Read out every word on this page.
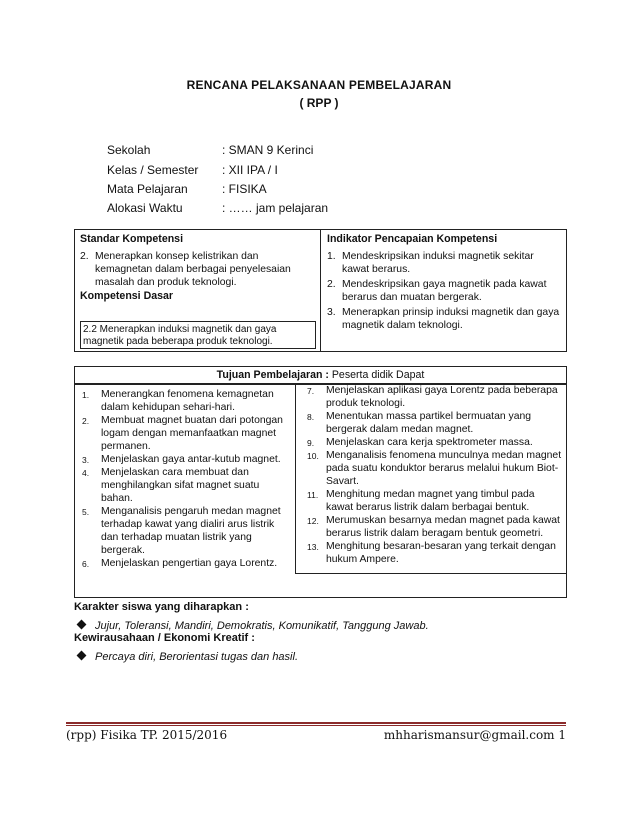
RENCANA PELAKSANAAN PEMBELAJARAN
( RPP )
Sekolah	: SMAN 9 Kerinci
Kelas / Semester : XII IPA / I
Mata Pelajaran	: FISIKA
Alokasi Waktu	: …… jam pelajaran
Standar Kompetensi
2. Menerapkan konsep kelistrikan dan kemagnetan dalam berbagai penyelesaian masalah dan produk teknologi.
Kompetensi Dasar
2.2 Menerapkan induksi magnetik dan gaya magnetik pada beberapa produk teknologi.
Indikator Pencapaian Kompetensi
1. Mendeskripsikan induksi magnetik sekitar kawat berarus.
2. Mendeskripsikan gaya magnetik pada kawat berarus dan muatan bergerak.
3. Menerapkan prinsip induksi magnetik dan gaya magnetik dalam teknologi.
Tujuan Pembelajaran : Peserta didik Dapat
1. Menerangkan fenomena kemagnetan dalam kehidupan sehari-hari.
2. Membuat magnet buatan dari potongan logam dengan memanfaatkan magnet permanen.
3. Menjelaskan gaya antar-kutub magnet.
4. Menjelaskan cara membuat dan menghilangkan sifat magnet suatu bahan.
5. Menganalisis pengaruh medan magnet terhadap kawat yang dialiri arus listrik dan terhadap muatan listrik yang bergerak.
6. Menjelaskan pengertian gaya Lorentz.
7. Menjelaskan aplikasi gaya Lorentz pada beberapa produk teknologi.
8. Menentukan massa partikel bermuatan yang bergerak dalam medan magnet.
9. Menjelaskan cara kerja spektrometer massa.
10. Menganalisis fenomena munculnya medan magnet pada suatu konduktor berarus melalui hukum Biot-Savart.
11. Menghitung medan magnet yang timbul pada kawat berarus listrik dalam berbagai bentuk.
12. Merumuskan besarnya medan magnet pada kawat berarus listrik dalam beragam bentuk geometri.
13. Menghitung besaran-besaran yang terkait dengan hukum Ampere.
Karakter siswa yang diharapkan :
Jujur, Toleransi, Mandiri, Demokratis, Komunikatif, Tanggung Jawab.
Kewirausahaan / Ekonomi Kreatif :
Percaya diri, Berorientasi tugas dan hasil.
(rpp) Fisika TP. 2015/2016	mhharismansur@gmail.com 1
